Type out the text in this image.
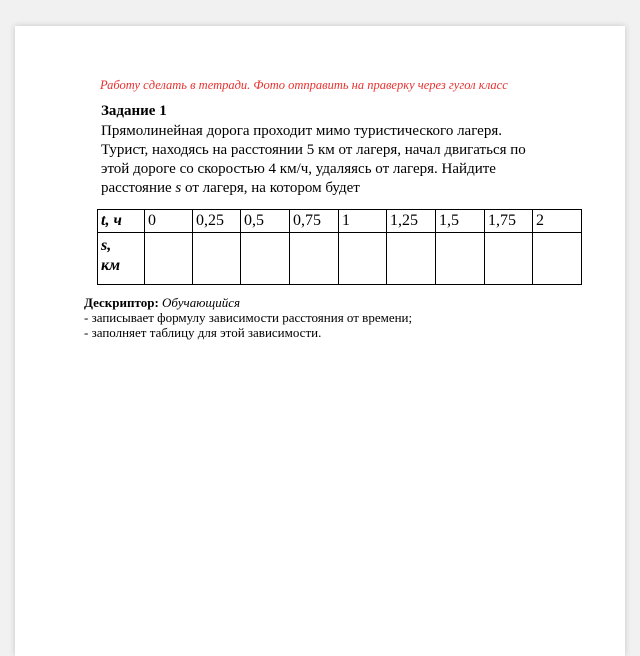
Работу сделать в тетради. Фото отправить на праверку через гугол класс
Задание 1
Прямолинейная дорога проходит мимо туристического лагеря.
Турист, находясь на расстоянии 5 км от лагеря, начал двигаться по
этой дороге со скоростью 4 км/ч, удаляясь от лагеря. Найдите
расстояние s от лагеря, на котором будет
t, ч	0	0,25	0,5	0,75	1	1,25	1,5	1,75	2
s,
км									
Дескриптор: Обучающийся
- записывает формулу зависимости расстояния от времени;
- заполняет таблицу для этой зависимости.
